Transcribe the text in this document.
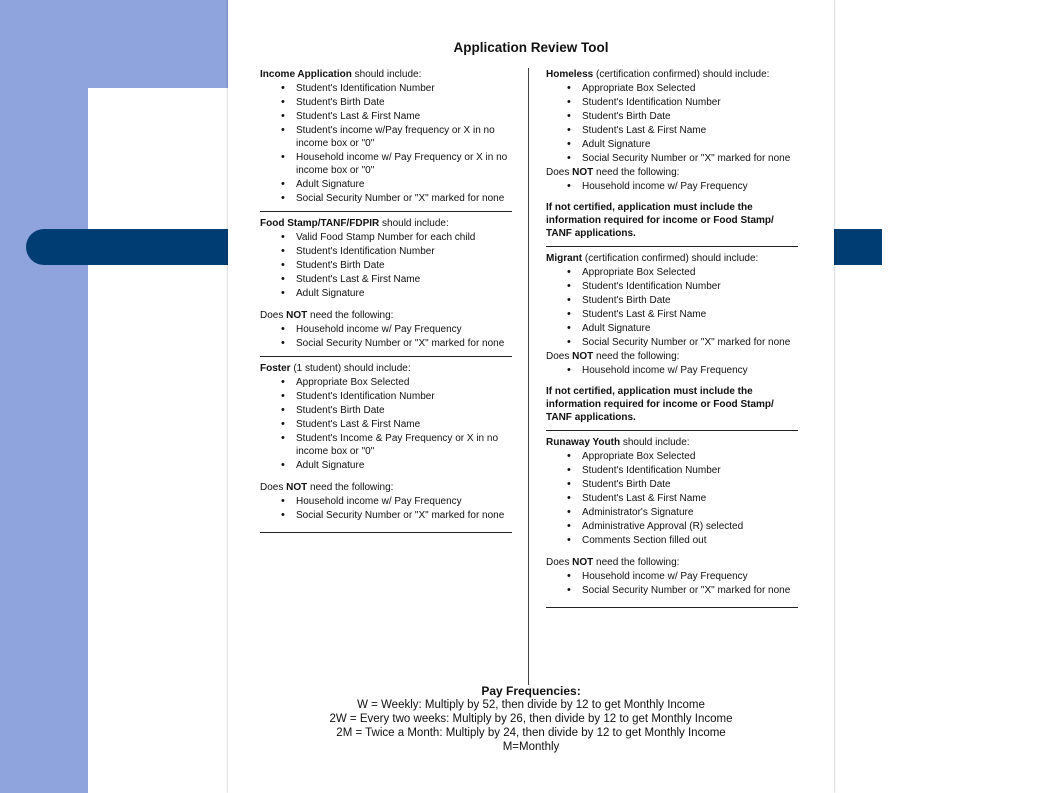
Application Review Tool

Income Application should include:

• Student's Identification Number
• Student's Birth Date
• Student's Last & First Name
• Student's income w/Pay frequency or X in no income box or "0"
• Household income w/ Pay Frequency or X in no income box or "0"
• Adult Signature
• Social Security Number or "X" marked for none

Food Stamp/TANF/FDPIR should include:

• Valid Food Stamp Number for each child
• Student's Identification Number
• Student's Birth Date
• Student's Last & First Name
• Adult Signature

Does NOT need the following:

• Household income w/ Pay Frequency
• Social Security Number or "X" marked for none

Foster (1 student) should include:

• Appropriate Box Selected
• Student's Identification Number
• Student's Birth Date
• Student's Last & First Name
• Student's Income & Pay Frequency or X in no income box or "0"
• Adult Signature

Does NOT need the following:

• Household income w/ Pay Frequency
• Social Security Number or "X" marked for none

Homeless (certification confirmed) should include:

• Appropriate Box Selected
• Student's Identification Number
• Student's Birth Date
• Student's Last & First Name
• Adult Signature
• Social Security Number or "X" marked for none

Does NOT need the following:

• Household income w/ Pay Frequency

If not certified, application must include the information required for income or Food Stamp/ TANF applications.

Migrant (certification confirmed) should include:

• Appropriate Box Selected
• Student's Identification Number
• Student's Birth Date
• Student's Last & First Name
• Adult Signature
• Social Security Number or "X" marked for none

Does NOT need the following:

• Household income w/ Pay Frequency

If not certified, application must include the information required for income or Food Stamp/ TANF applications.

Runaway Youth should include:

• Appropriate Box Selected
• Student's Identification Number
• Student's Birth Date
• Student's Last & First Name
• Administrator's Signature
• Administrative Approval (R) selected
• Comments Section filled out

Does NOT need the following:

• Household income w/ Pay Frequency
• Social Security Number or "X" marked for none
Pay Frequencies:
W = Weekly: Multiply by 52, then divide by 12 to get Monthly Income
2W = Every two weeks: Multiply by 26, then divide by 12 to get Monthly Income
2M = Twice a Month: Multiply by 24, then divide by 12 to get Monthly Income
M=Monthly
